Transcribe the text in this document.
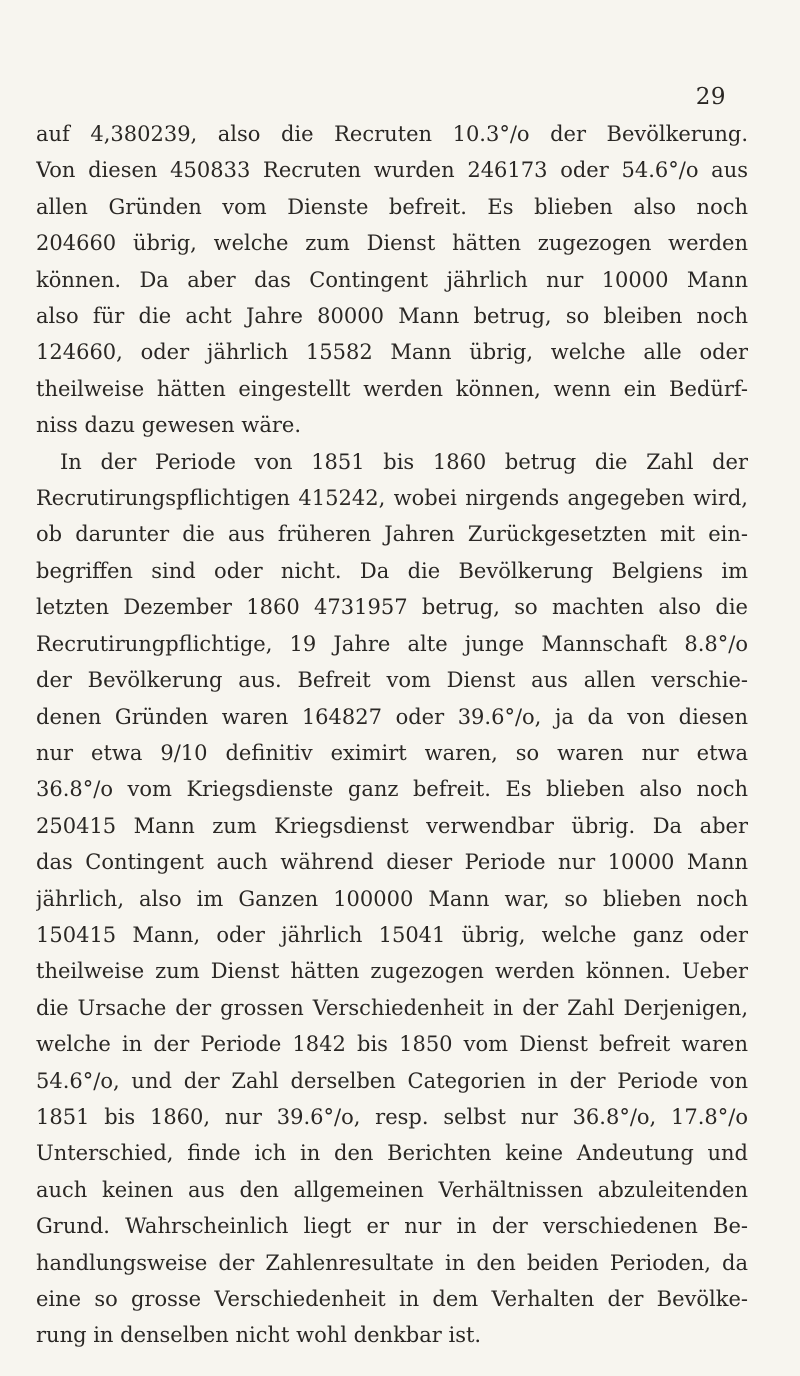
29
auf 4,380239, also die Recruten 10.3°/o der Bevölkerung.
Von diesen 450833 Recruten wurden 246173 oder 54.6°/o aus
allen Gründen vom Dienste befreit. Es blieben also noch
204660 übrig, welche zum Dienst hätten zugezogen werden
können. Da aber das Contingent jährlich nur 10000 Mann
also für die acht Jahre 80000 Mann betrug, so bleiben noch
124660, oder jährlich 15582 Mann übrig, welche alle oder
theilweise hätten eingestellt werden können, wenn ein Bedürf-
niss dazu gewesen wäre.
In der Periode von 1851 bis 1860 betrug die Zahl der
Recrutirungspflichtigen 415242, wobei nirgends angegeben wird,
ob darunter die aus früheren Jahren Zurückgesetzten mit ein-
begriffen sind oder nicht. Da die Bevölkerung Belgiens im
letzten Dezember 1860 4731957 betrug, so machten also die
Recrutirungpflichtige, 19 Jahre alte junge Mannschaft 8.8°/o
der Bevölkerung aus. Befreit vom Dienst aus allen verschie-
denen Gründen waren 164827 oder 39.6°/o, ja da von diesen
nur etwa 9/10 definitiv eximirt waren, so waren nur etwa
36.8°/o vom Kriegsdienste ganz befreit. Es blieben also noch
250415 Mann zum Kriegsdienst verwendbar übrig. Da aber
das Contingent auch während dieser Periode nur 10000 Mann
jährlich, also im Ganzen 100000 Mann war, so blieben noch
150415 Mann, oder jährlich 15041 übrig, welche ganz oder
theilweise zum Dienst hätten zugezogen werden können. Ueber
die Ursache der grossen Verschiedenheit in der Zahl Derjenigen,
welche in der Periode 1842 bis 1850 vom Dienst befreit waren
54.6°/o, und der Zahl derselben Categorien in der Periode von
1851 bis 1860, nur 39.6°/o, resp. selbst nur 36.8°/o, 17.8°/o
Unterschied, finde ich in den Berichten keine Andeutung und
auch keinen aus den allgemeinen Verhältnissen abzuleitenden
Grund. Wahrscheinlich liegt er nur in der verschiedenen Be-
handlungsweise der Zahlenresultate in den beiden Perioden, da
eine so grosse Verschiedenheit in dem Verhalten der Bevölke-
rung in denselben nicht wohl denkbar ist.
